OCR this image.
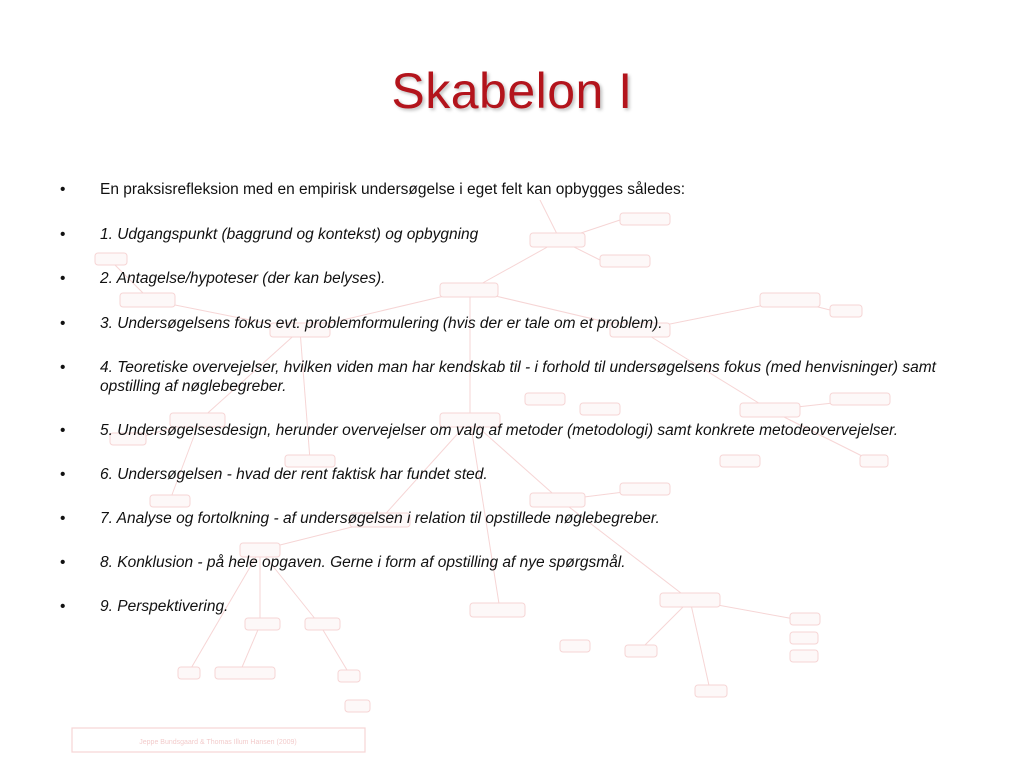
Jeppe Bundsgaard & Thomas Illum Hansen (2009)
Skabelon I
• En praksisrefleksion med en empirisk undersøgelse i eget felt kan opbygges således:
• 1. Udgangspunkt (baggrund og kontekst) og opbygning
• 2. Antagelse/hypoteser (der kan belyses).
• 3. Undersøgelsens fokus evt. problemformulering (hvis der er tale om et problem).
• 4. Teoretiske overvejelser, hvilken viden man har kendskab til - i forhold til undersøgelsens fokus (med henvisninger) samt opstilling af nøglebegreber.
• 5. Undersøgelsesdesign, herunder overvejelser om valg af metoder (metodologi) samt konkrete metodeovervejelser.
• 6. Undersøgelsen - hvad der rent faktisk har fundet sted.
• 7. Analyse og fortolkning - af undersøgelsen i relation til opstillede nøglebegreber.
• 8. Konklusion - på hele opgaven. Gerne i form af opstilling af nye spørgsmål.
• 9. Perspektivering.
